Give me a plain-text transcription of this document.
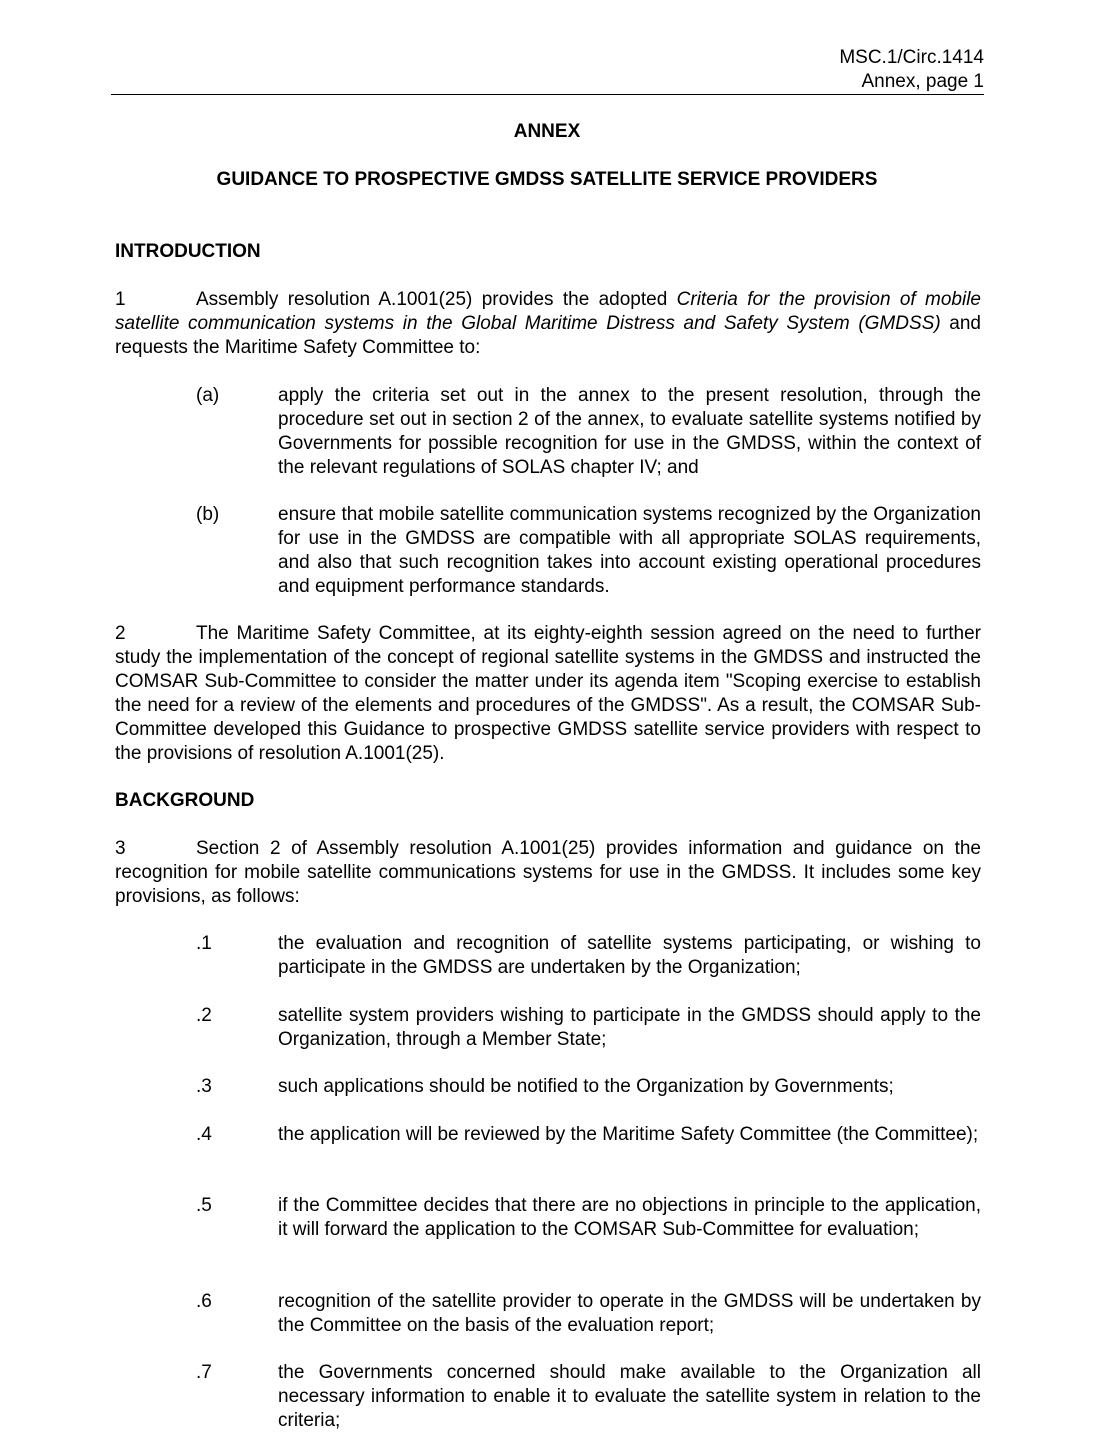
MSC.1/Circ.1414
Annex, page 1
ANNEX
GUIDANCE TO PROSPECTIVE GMDSS SATELLITE SERVICE PROVIDERS
INTRODUCTION

1	Assembly resolution A.1001(25) provides the adopted Criteria for the provision of mobile satellite communication systems in the Global Maritime Distress and Safety System (GMDSS) and requests the Maritime Safety Committee to:

(a)	apply the criteria set out in the annex to the present resolution, through the procedure set out in section 2 of the annex, to evaluate satellite systems notified by Governments for possible recognition for use in the GMDSS, within the context of the relevant regulations of SOLAS chapter IV; and

(b)	ensure that mobile satellite communication systems recognized by the Organization for use in the GMDSS are compatible with all appropriate SOLAS requirements, and also that such recognition takes into account existing operational procedures and equipment performance standards.

2	The Maritime Safety Committee, at its eighty-eighth session agreed on the need to further study the implementation of the concept of regional satellite systems in the GMDSS and instructed the COMSAR Sub-Committee to consider the matter under its agenda item "Scoping exercise to establish the need for a review of the elements and procedures of the GMDSS". As a result, the COMSAR Sub-Committee developed this Guidance to prospective GMDSS satellite service providers with respect to the provisions of resolution A.1001(25).

BACKGROUND

3	Section 2 of Assembly resolution A.1001(25) provides information and guidance on the recognition for mobile satellite communications systems for use in the GMDSS. It includes some key provisions, as follows:

.1	the evaluation and recognition of satellite systems participating, or wishing to participate in the GMDSS are undertaken by the Organization;

.2	satellite system providers wishing to participate in the GMDSS should apply to the Organization, through a Member State;

.3	such applications should be notified to the Organization by Governments;

.4	the application will be reviewed by the Maritime Safety Committee (the Committee);

.5	if the Committee decides that there are no objections in principle to the application, it will forward the application to the COMSAR Sub-Committee for evaluation;

.6	recognition of the satellite provider to operate in the GMDSS will be undertaken by the Committee on the basis of the evaluation report;

.7	the Governments concerned should make available to the Organization all necessary information to enable it to evaluate the satellite system in relation to the criteria;
